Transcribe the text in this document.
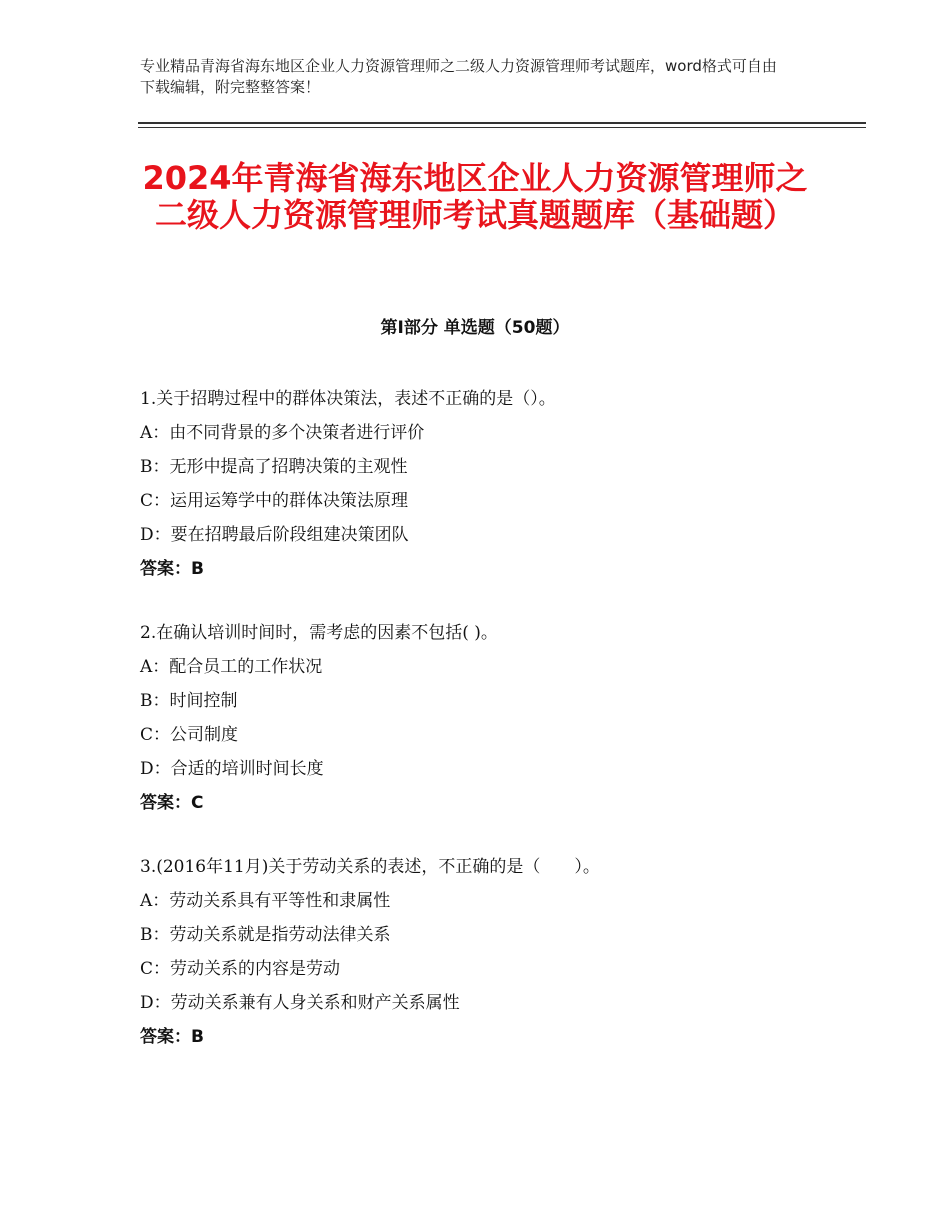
专业精品青海省海东地区企业人力资源管理师之二级人力资源管理师考试题库，word格式可自由下载编辑，附完整整答案！
2024年青海省海东地区企业人力资源管理师之二级人力资源管理师考试真题题库（基础题）
第Ⅰ部分 单选题（50题）
1.关于招聘过程中的群体决策法，表述不正确的是（）。
A：由不同背景的多个决策者进行评价
B：无形中提高了招聘决策的主观性
C：运用运筹学中的群体决策法原理
D：要在招聘最后阶段组建决策团队
答案：B
2.在确认培训时间时，需考虑的因素不包括( )。
A：配合员工的工作状况
B：时间控制
C：公司制度
D：合适的培训时间长度
答案：C
3.(2016年11月)关于劳动关系的表述，不正确的是（　　）。
A：劳动关系具有平等性和隶属性
B：劳动关系就是指劳动法律关系
C：劳动关系的内容是劳动
D：劳动关系兼有人身关系和财产关系属性
答案：B
